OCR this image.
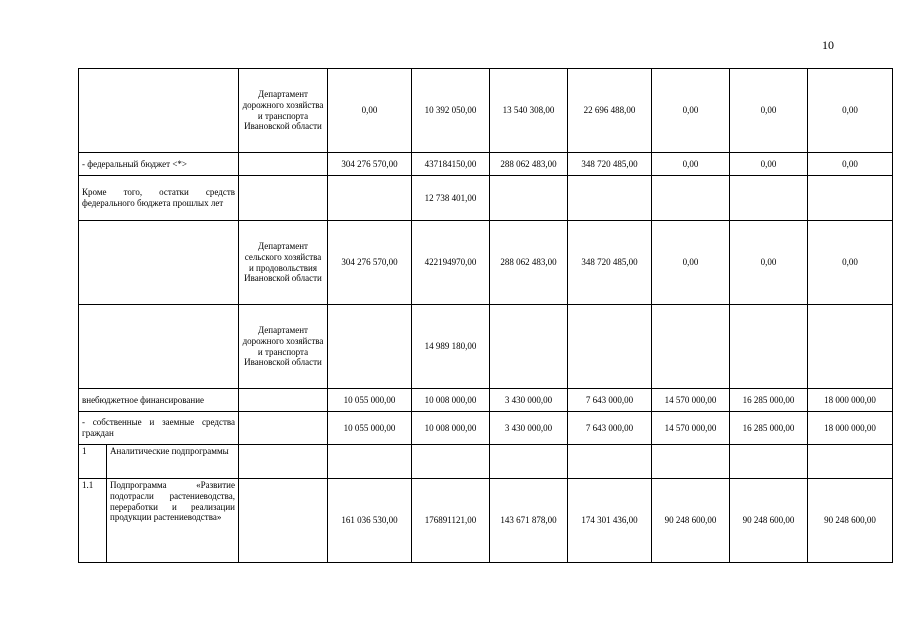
10
		Департамент дорожного хозяйства и транспорта Ивановской области	0,00	10 392 050,00	13 540 308,00	22 696 488,00	0,00	0,00	0,00
- федеральный бюджет <*>			304 276 570,00	437184150,00	288 062 483,00	348 720 485,00	0,00	0,00	0,00
Кроме того, остатки средств федерального бюджета прошлых лет				12 738 401,00					
		Департамент сельского хозяйства и продовольствия Ивановской области	304 276 570,00	422194970,00	288 062 483,00	348 720 485,00	0,00	0,00	0,00
		Департамент дорожного хозяйства и транспорта Ивановской области		14 989 180,00					
внебюджетное финансирование			10 055 000,00	10 008 000,00	3 430 000,00	7 643 000,00	14 570 000,00	16 285 000,00	18 000 000,00
- собственные и заемные средства граждан			10 055 000,00	10 008 000,00	3 430 000,00	7 643 000,00	14 570 000,00	16 285 000,00	18 000 000,00
1	Аналитические подпрограммы								
1.1	Подпрограмма «Развитие подотрасли растениеводства, переработки и реализации продукции растениеводства»		161 036 530,00	176891121,00	143 671 878,00	174 301 436,00	90 248 600,00	90 248 600,00	90 248 600,00
